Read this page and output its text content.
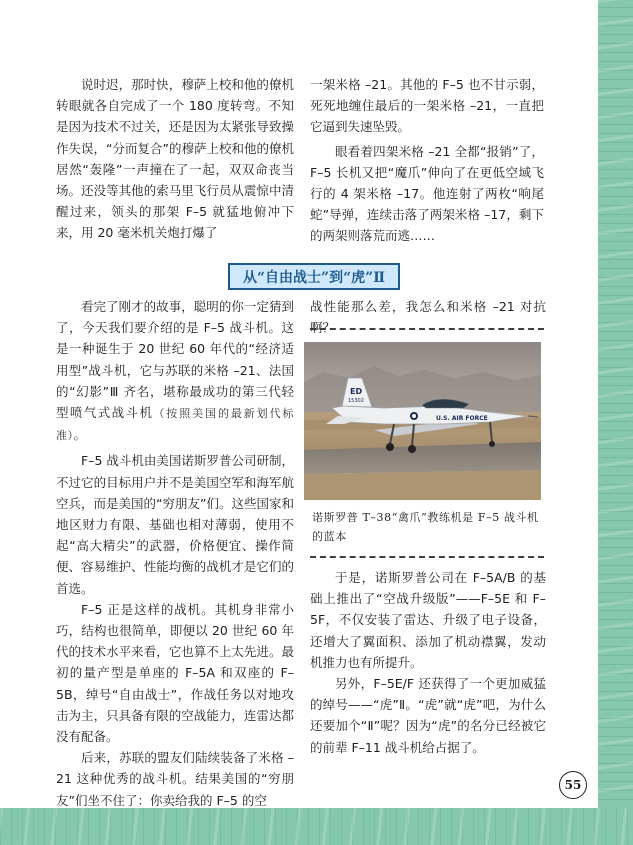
说时迟，那时快，穆萨上校和他的僚机转眼就各自完成了一个 180 度转弯。不知是因为技术不过关，还是因为太紧张导致操作失误，“分而复合”的穆萨上校和他的僚机居然“轰隆”一声撞在了一起，双双命丧当场。还没等其他的索马里飞行员从震惊中清醒过来，领头的那架 F–5 就猛地俯冲下来，用 20 毫米机关炮打爆了

一架米格 –21。其他的 F–5 也不甘示弱，死死地缠住最后的一架米格 –21，一直把它逼到失速坠毁。

眼看着四架米格 –21 全都“报销”了，F–5 长机又把“魔爪”伸向了在更低空域飞行的 4 架米格 –17。他连射了两枚“响尾蛇”导弹，连续击落了两架米格 –17，剩下的两架则落荒而逃……

从“自由战士”到“虎”Ⅱ

看完了刚才的故事，聪明的你一定猜到了，今天我们要介绍的是 F–5 战斗机。这是一种诞生于 20 世纪 60 年代的“经济适用型”战斗机，它与苏联的米格 –21、法国的“幻影”Ⅲ 齐名，堪称最成功的第三代轻型喷气式战斗机（按照美国的最新划代标准）。

F–5 战斗机由美国诺斯罗普公司研制，不过它的目标用户并不是美国空军和海军航空兵，而是美国的“穷朋友”们。这些国家和地区财力有限、基础也相对薄弱，使用不起“高大精尖”的武器，价格便宜、操作简便、容易维护、性能均衡的战机才是它们的首选。

F–5 正是这样的战机。其机身非常小巧，结构也很简单，即便以 20 世纪 60 年代的技术水平来看，它也算不上太先进。最初的量产型是单座的 F–5A 和双座的 F–5B，绰号“自由战士”，作战任务以对地攻击为主，只具备有限的空战能力，连雷达都没有配备。

后来，苏联的盟友们陆续装备了米格 –21 这种优秀的战斗机。结果美国的“穷朋友”们坐不住了：你卖给我的 F–5 的空

战性能那么差，我怎么和米格 –21 对抗啊？

ED
15302
U.S. AIR FORCE
诺斯罗普 T–38“禽爪”教练机是 F–5 战斗机的蓝本

于是，诺斯罗普公司在 F–5A/B 的基础上推出了“空战升级版”——F–5E 和 F–5F，不仅安装了雷达、升级了电子设备，还增大了翼面积、添加了机动襟翼，发动机推力也有所提升。

另外，F–5E/F 还获得了一个更加威猛的绰号——“虎”Ⅱ。“虎”就“虎”吧，为什么还要加个“Ⅱ”呢？因为“虎”的名分已经被它的前辈 F–11 战斗机给占据了。

55
